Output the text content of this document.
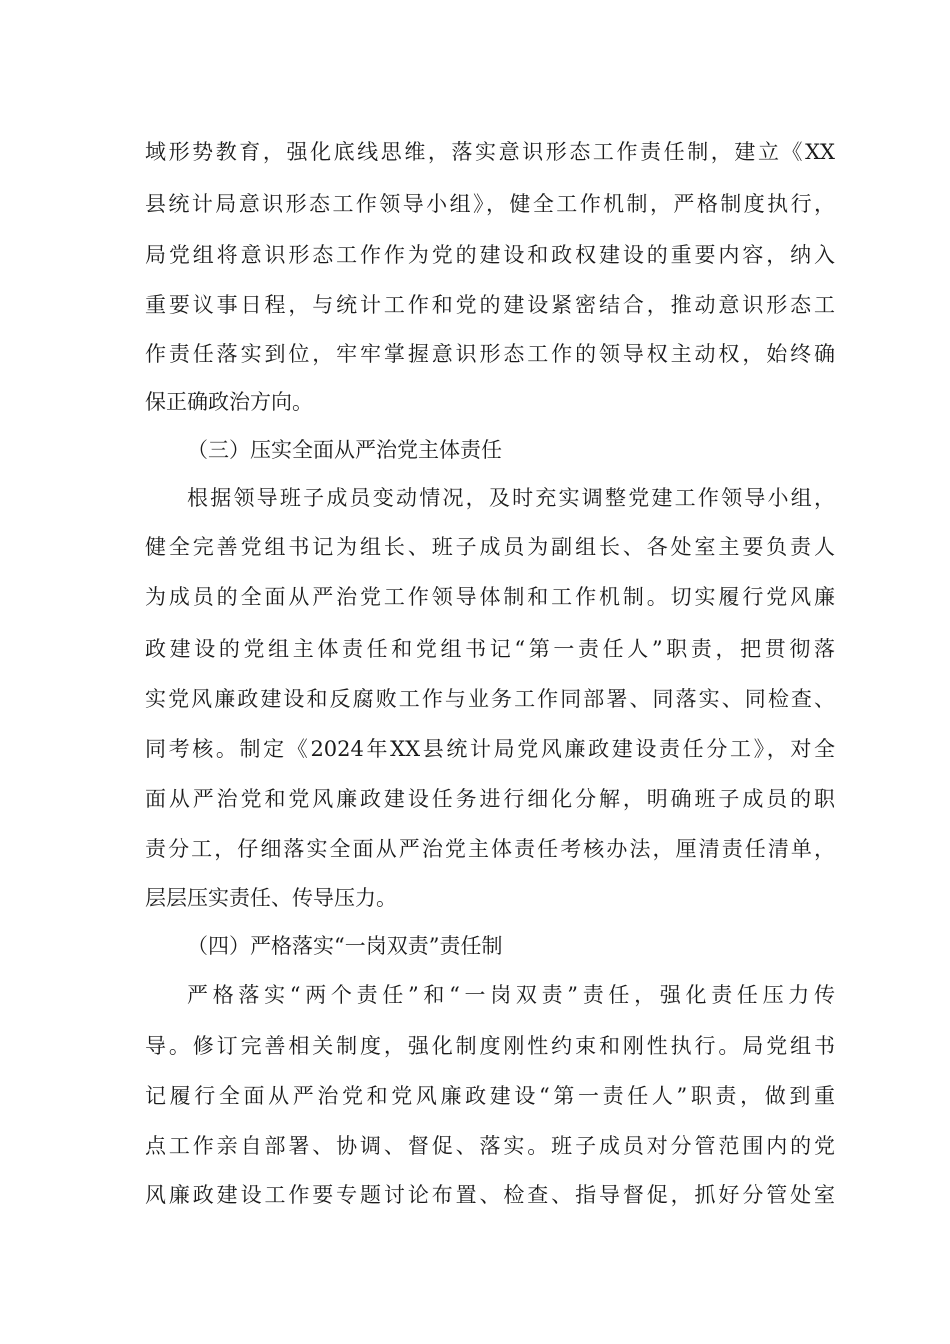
域形势教育，强化底线思维，落实意识形态工作责任制，建立《XX
县统计局意识形态工作领导小组》，健全工作机制，严格制度执行，
局党组将意识形态工作作为党的建设和政权建设的重要内容，纳入
重要议事日程，与统计工作和党的建设紧密结合，推动意识形态工
作责任落实到位，牢牢掌握意识形态工作的领导权主动权，始终确
保正确政治方向。
（三）压实全面从严治党主体责任
根据领导班子成员变动情况，及时充实调整党建工作领导小组，
健全完善党组书记为组长、班子成员为副组长、各处室主要负责人
为成员的全面从严治党工作领导体制和工作机制。切实履行党风廉
政建设的党组主体责任和党组书记“第一责任人”职责，把贯彻落
实党风廉政建设和反腐败工作与业务工作同部署、同落实、同检查、
同考核。制定《2024年XX县统计局党风廉政建设责任分工》，对全
面从严治党和党风廉政建设任务进行细化分解，明确班子成员的职
责分工，仔细落实全面从严治党主体责任考核办法，厘清责任清单，
层层压实责任、传导压力。
（四）严格落实“一岗双责”责任制
严格落实“两个责任”和“一岗双责”责任，强化责任压力传
导。修订完善相关制度，强化制度刚性约束和刚性执行。局党组书
记履行全面从严治党和党风廉政建设“第一责任人”职责，做到重
点工作亲自部署、协调、督促、落实。班子成员对分管范围内的党
风廉政建设工作要专题讨论布置、检查、指导督促，抓好分管处室
